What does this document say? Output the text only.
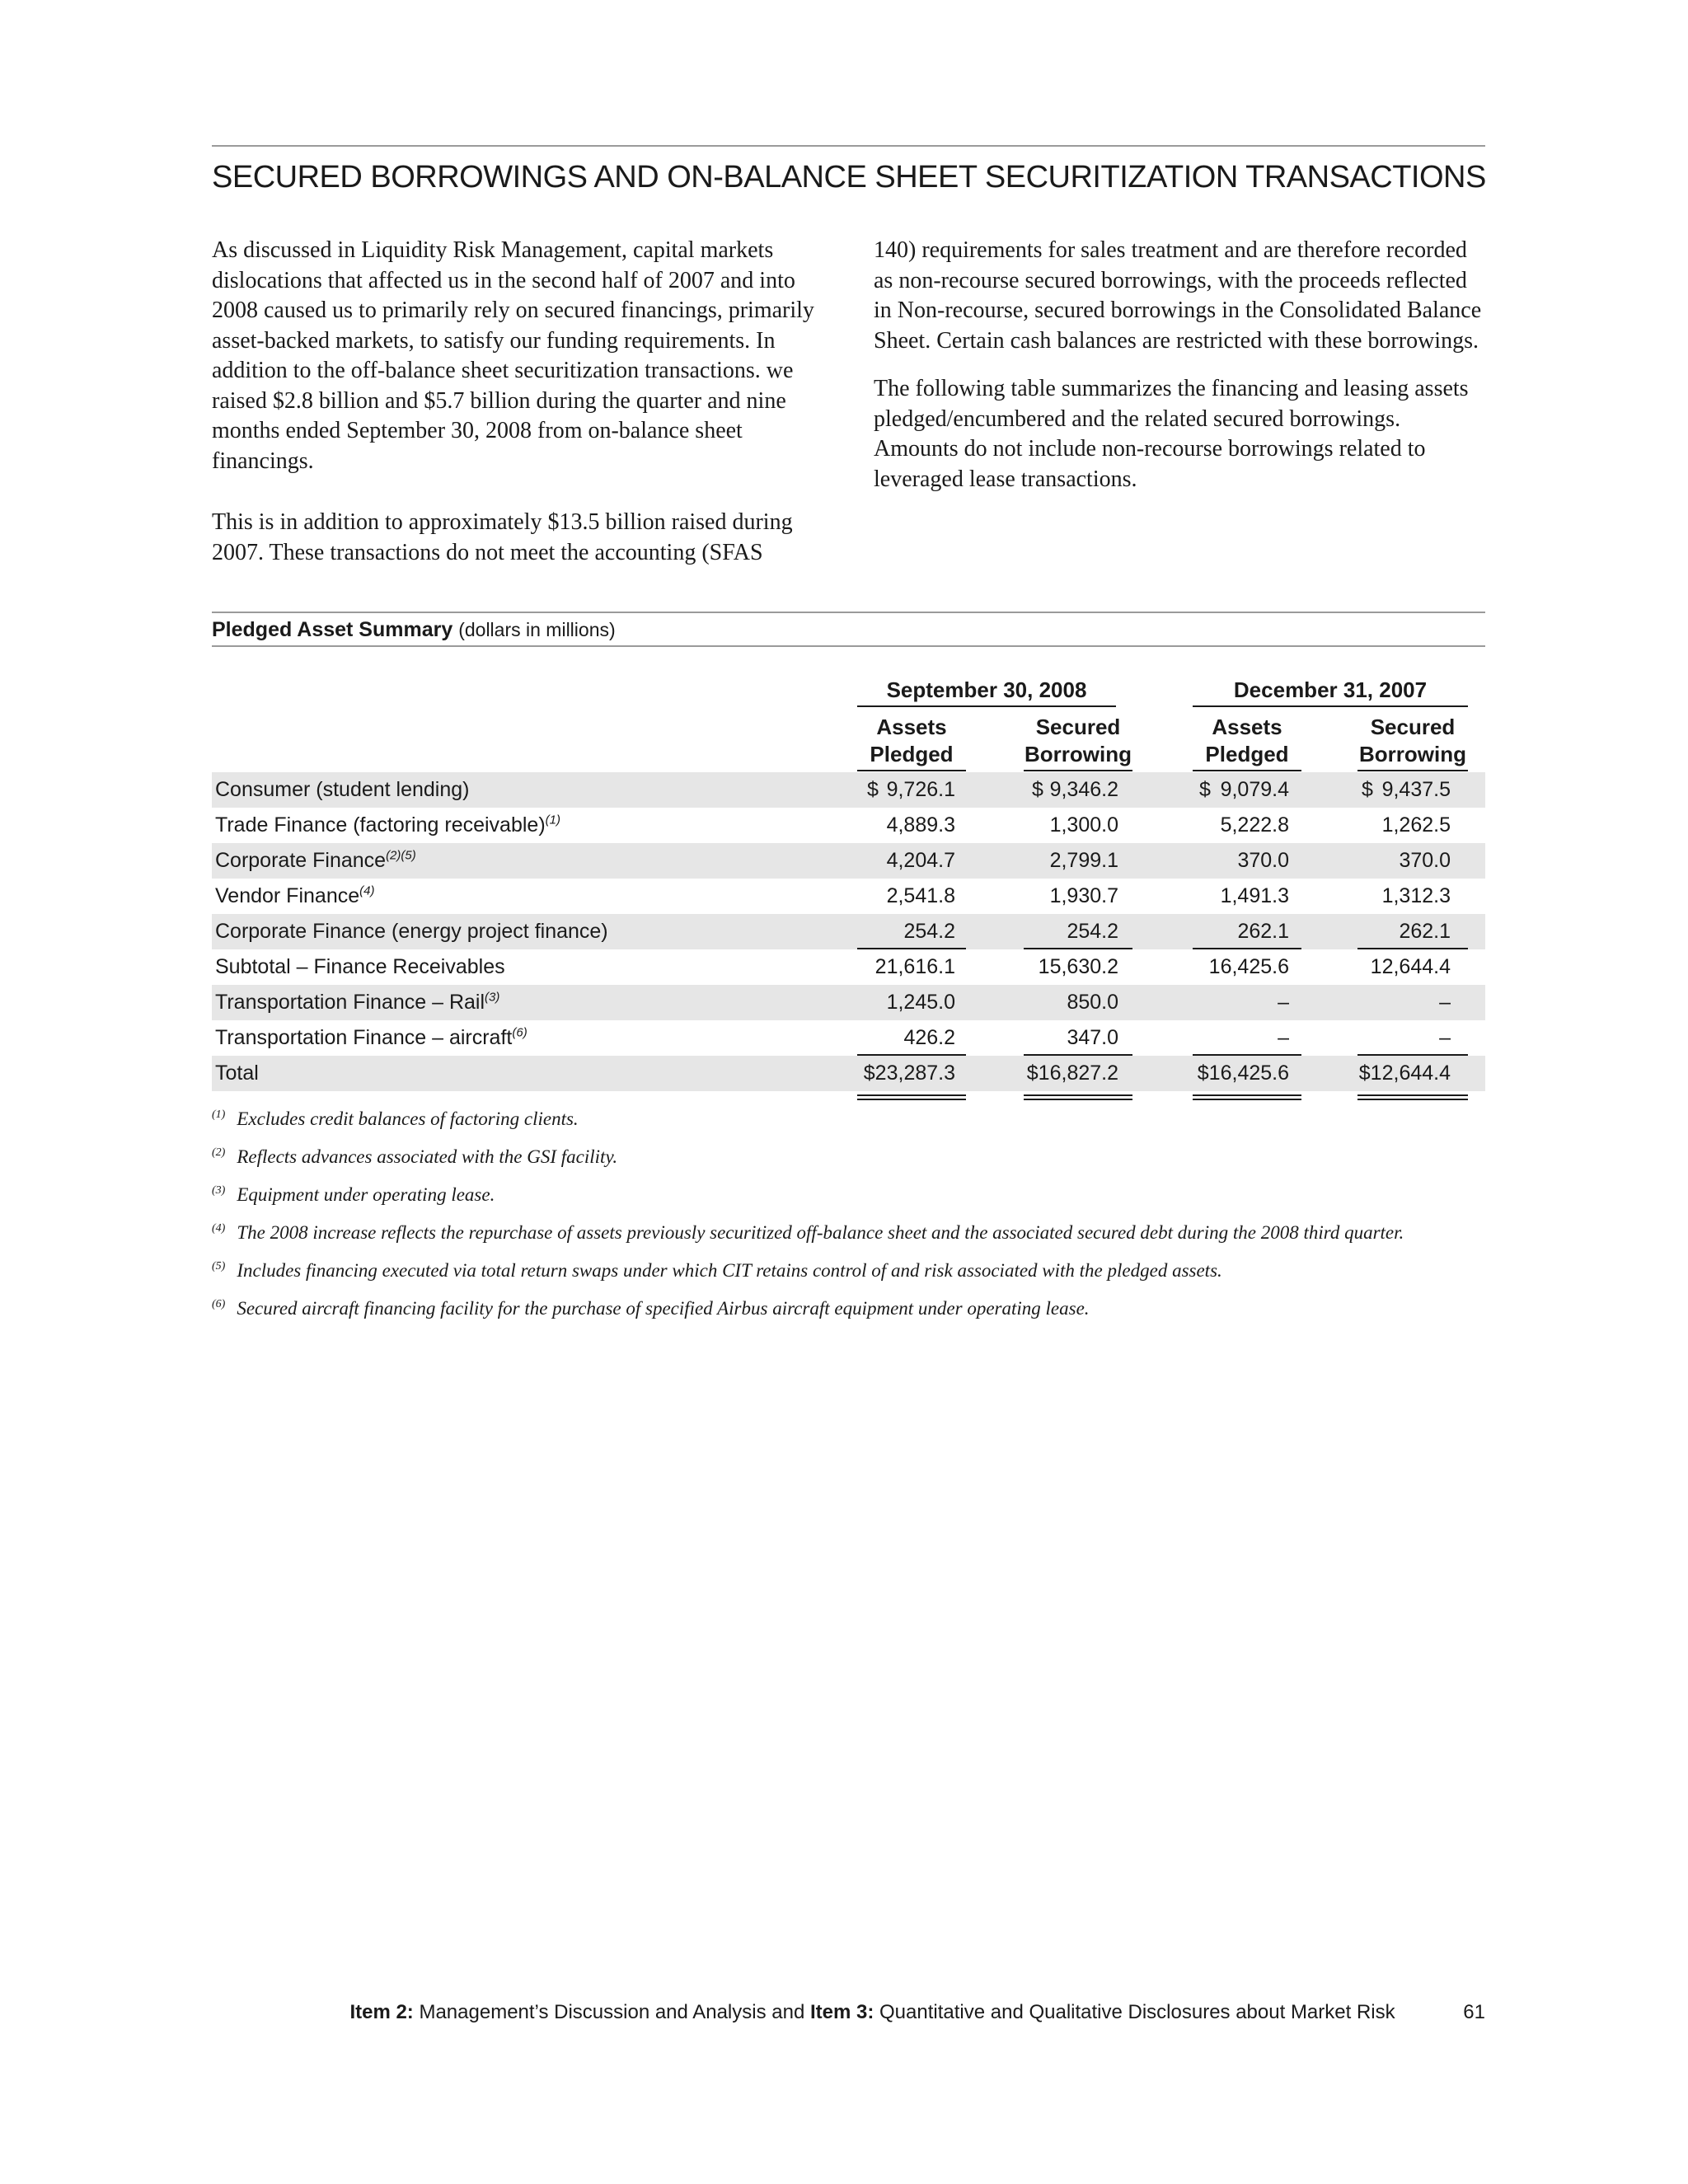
SECURED BORROWINGS AND ON-BALANCE SHEET SECURITIZATION TRANSACTIONS

As discussed in Liquidity Risk Management, capital markets dislocations that affected us in the second half of 2007 and into 2008 caused us to primarily rely on secured financings, primarily asset-backed markets, to satisfy our funding requirements. In addition to the off-balance sheet securitization transactions. we raised $2.8 billion and $5.7 billion during the quarter and nine months ended September 30, 2008 from on-balance sheet financings.

This is in addition to approximately $13.5 billion raised during 2007. These transactions do not meet the accounting (SFAS

140) requirements for sales treatment and are therefore recorded as non-recourse secured borrowings, with the proceeds reflected in Non-recourse, secured borrowings in the Consolidated Balance Sheet. Certain cash balances are restricted with these borrowings.

The following table summarizes the financing and leasing assets pledged/encumbered and the related secured borrowings. Amounts do not include non-recourse borrowings related to leveraged lease transactions.

Pledged Asset Summary (dollars in millions)
September 30, 2008	December 31, 2007
Assets
Pledged
Secured
Borrowing
Assets
Pledged
Secured
Borrowing
Consumer (student lending)	$ 9,726.1	$ 9,346.2	$ 9,079.4	$ 9,437.5
Trade Finance (factoring receivable)$^{(1)}$	4,889.3	1,300.0	5,222.8	1,262.5
Corporate Finance$^{(2)(5)}$	4,204.7	2,799.1	370.0	370.0
Vendor Finance$^{(4)}$	2,541.8	1,930.7	1,491.3	1,312.3
Corporate Finance (energy project finance)	254.2	254.2	262.1	262.1
Subtotal – Finance Receivables	21,616.1	15,630.2	16,425.6	12,644.4
Transportation Finance – Rail$^{(3)}$	1,245.0	850.0	–	–
Transportation Finance – aircraft$^{(6)}$	426.2	347.0	–	–
Total	$23,287.3	$16,827.2	$16,425.6	$12,644.4
$^{(1)}$ Excludes credit balances of factoring clients.
$^{(2)}$ Reflects advances associated with the GSI facility.
$^{(3)}$ Equipment under operating lease.
$^{(4)}$ The 2008 increase reflects the repurchase of assets previously securitized off-balance sheet and the associated secured debt during the 2008 third quarter.
$^{(5)}$ Includes financing executed via total return swaps under which CIT retains control of and risk associated with the pledged assets.
$^{(6)}$ Secured aircraft financing facility for the purchase of specified Airbus aircraft equipment under operating lease.
Item 2: Management’s Discussion and Analysis and Item 3: Quantitative and Qualitative Disclosures about Market Risk	61
